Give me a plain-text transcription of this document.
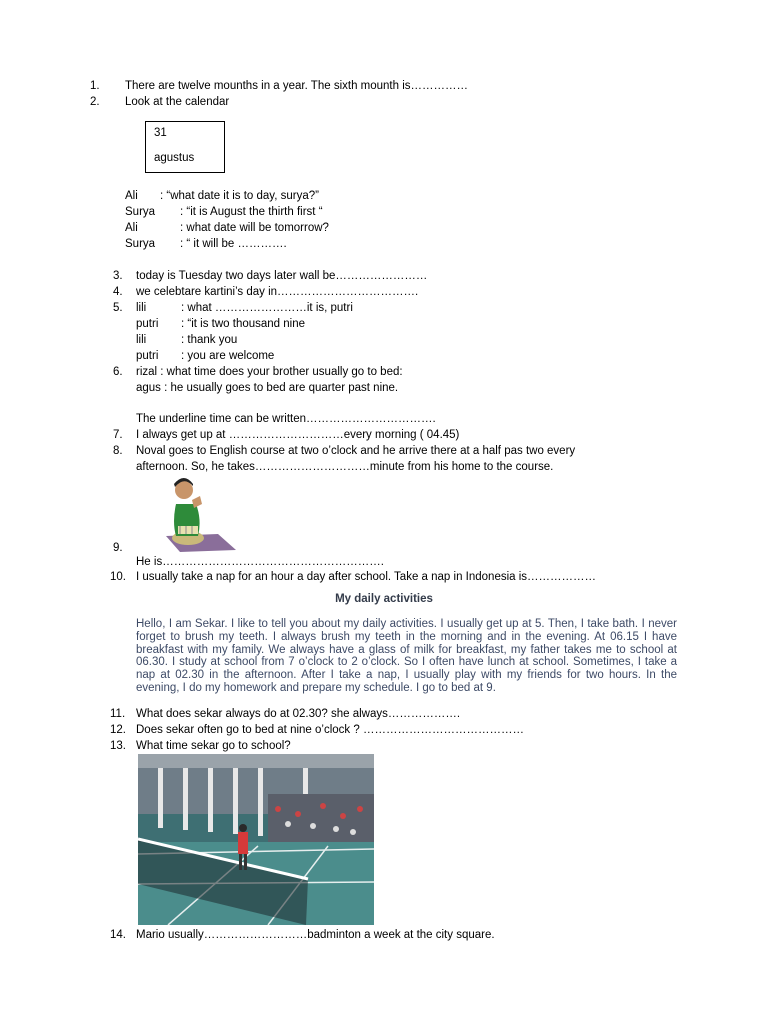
1. There are twelve mounths in a year. The sixth mounth is……………
2. Look at the calendar
31
agustus
Ali : “what date it is to day, surya?”
Surya : “it is August the thirth first “
Ali	: what date will be tomorrow?
Surya : “ it will be ………….
3. today is Tuesday two days later wall be……………………
4. we celebtare kartini’s day in……………………………….
5. lili	: what ……………………it is, putri
putri : “it is two thousand nine
lili	: thank you
putri : you are welcome
6. rizal : what time does your brother usually go to bed:
agus : he usually goes to bed are quarter past nine.
The underline time can be written…………………………….
7. I always get up at …………………………every morning ( 04.45)
8. Noval goes to English course at two o’clock and he arrive there at a half pas two every
afternoon. So, he takes…………………………minute from his home to the course.
9.
He is………………………………………………….
10. I usually take a nap for an hour a day after school. Take a nap in Indonesia is………………
My daily activities
Hello, I am Sekar. I like to tell you about my daily activities. I usually get up at 5. Then, I take bath. I never forget to brush my teeth. I always brush my teeth in the morning and in the evening. At 06.15 I have breakfast with my family. We always have a glass of milk for breakfast, my father takes me to school at 06.30. I study at school from 7 o’clock to 2 o’clock. So I often have lunch at school. Sometimes, I take a nap at 02.30 in the afternoon. After I take a nap, I usually play with my friends for two hours. In the evening, I do my homework and prepare my schedule. I go to bed at 9.
11. What does sekar always do at 02.30? she always……………….
12. Does sekar often go to bed at nine o’clock ? ……………………………………
13. What time sekar go to school?
14. Mario usually………………………badminton a week at the city square.
